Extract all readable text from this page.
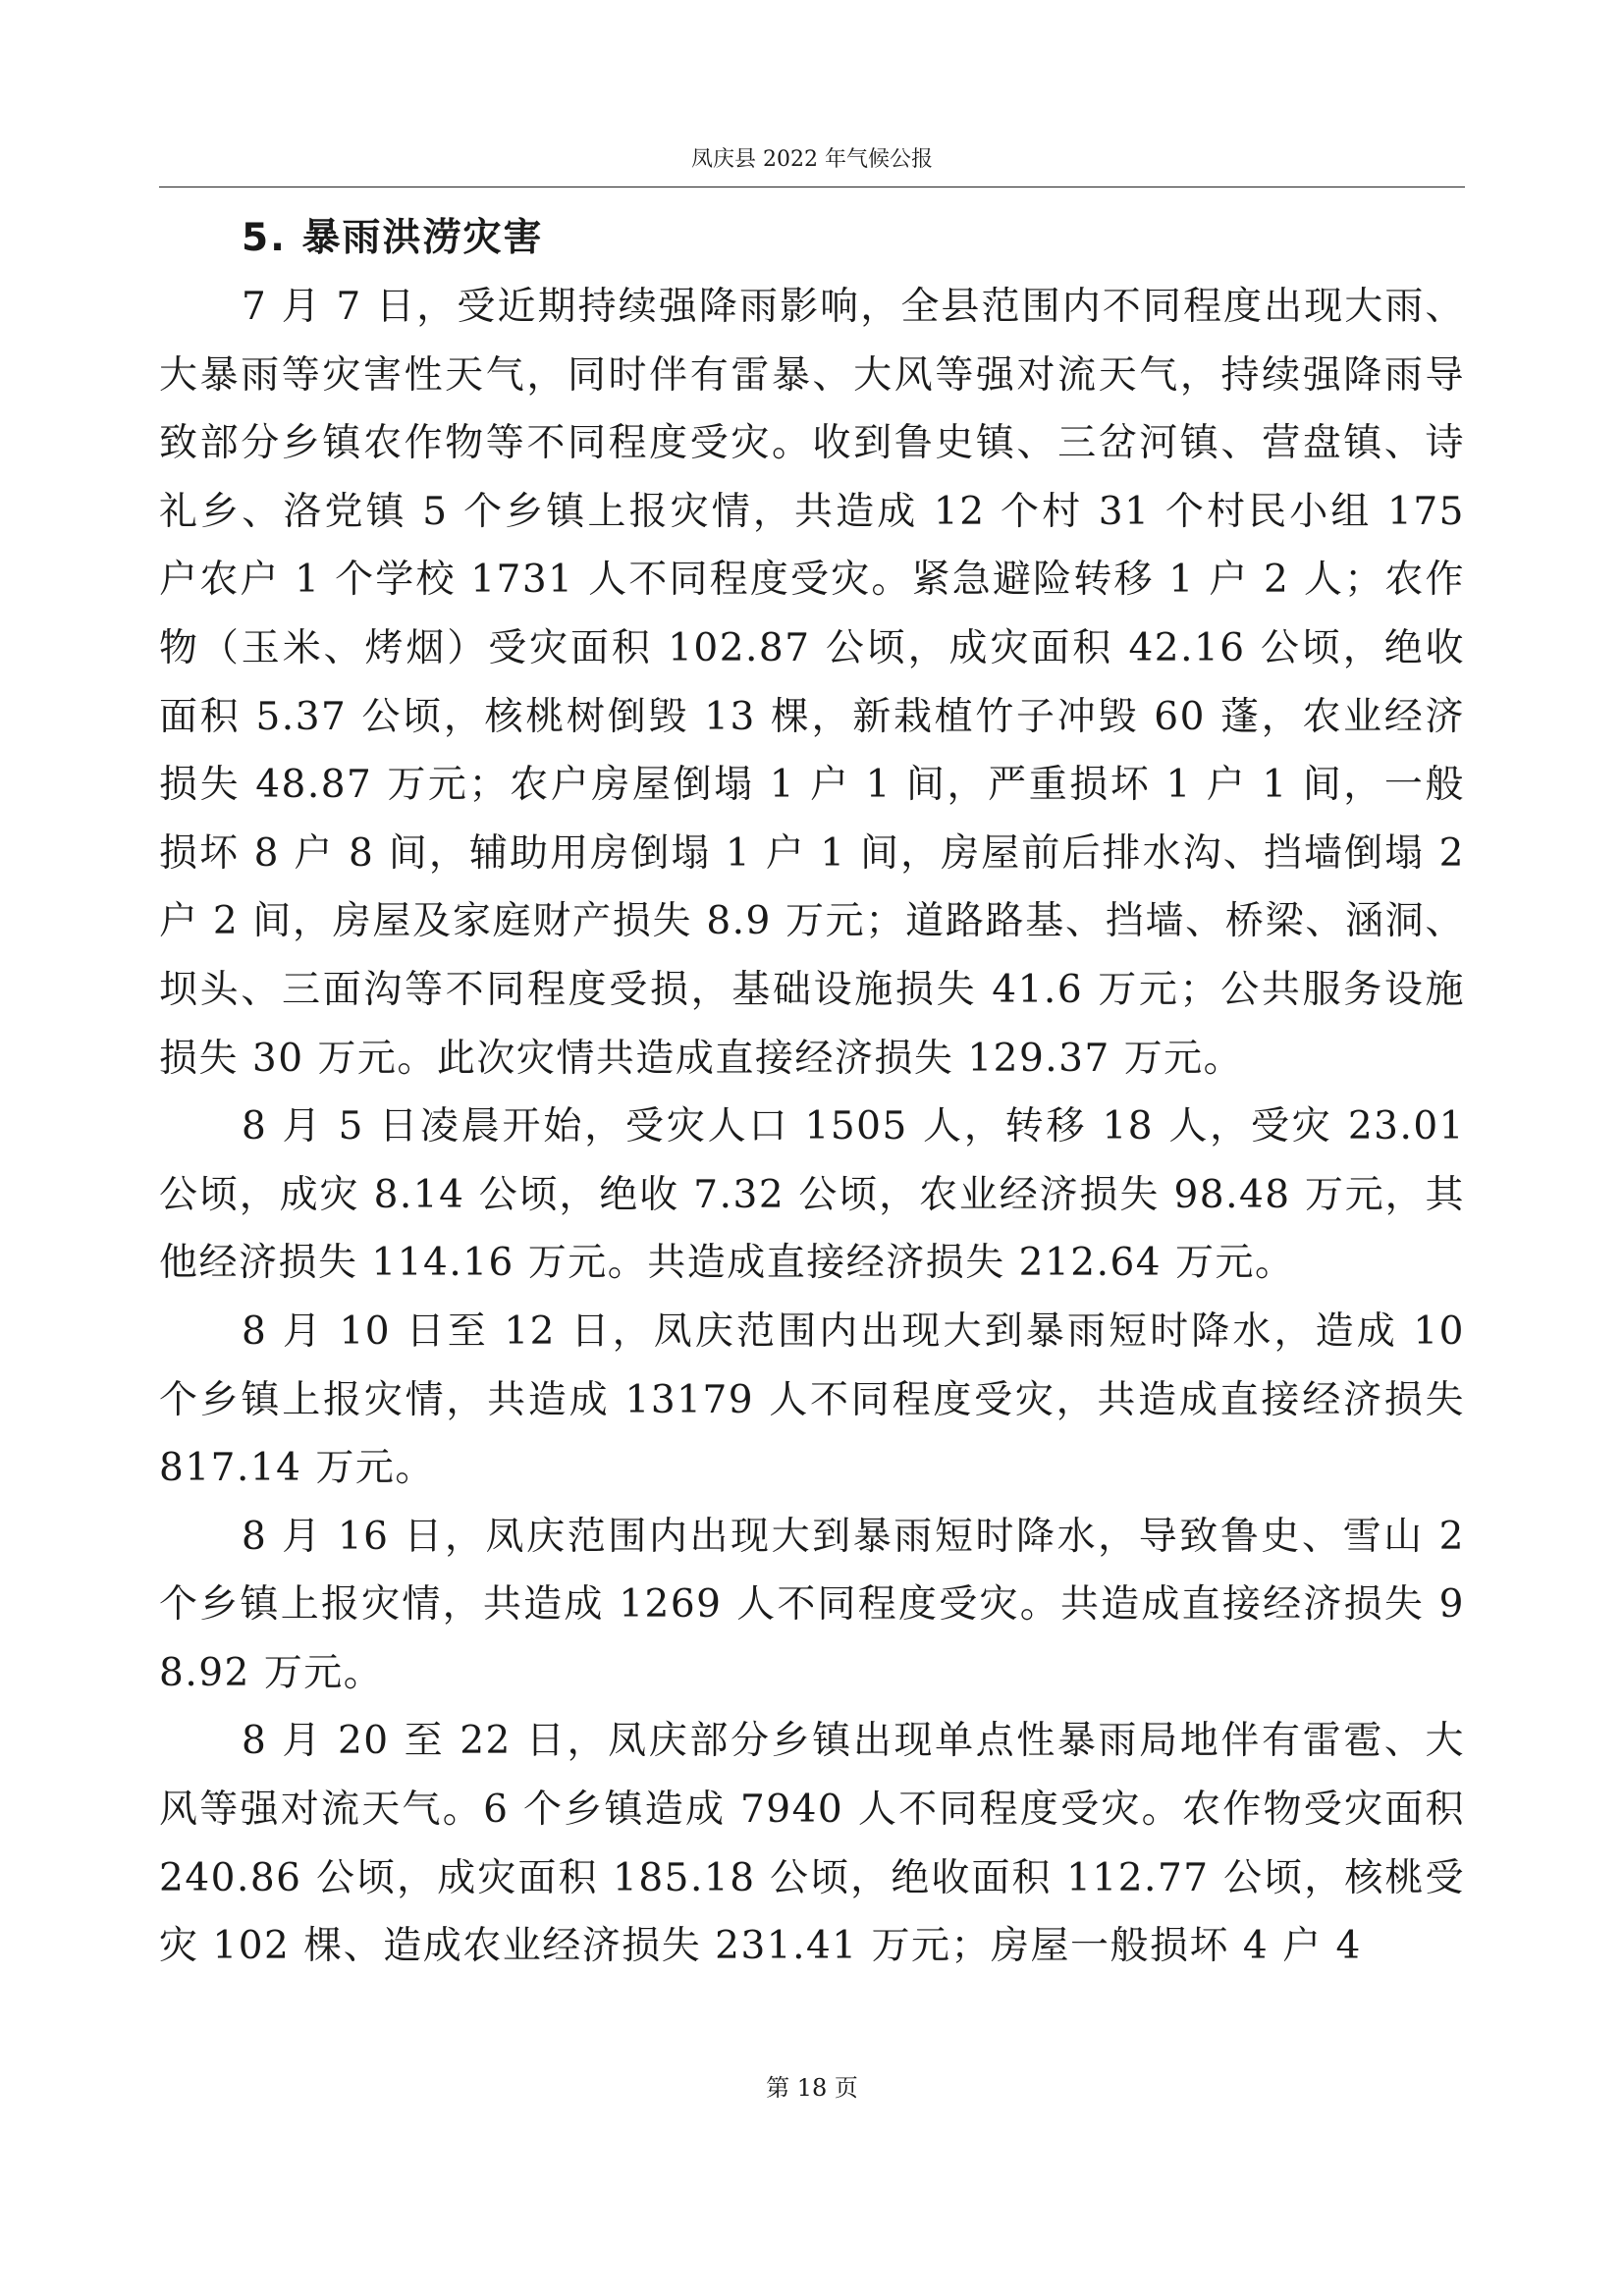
凤庆县 2022 年气候公报
5. 暴雨洪涝灾害

7 月 7 日，受近期持续强降雨影响，全县范围内不同程度出现大雨、大暴雨等灾害性天气，同时伴有雷暴、大风等强对流天气，持续强降雨导致部分乡镇农作物等不同程度受灾。收到鲁史镇、三岔河镇、营盘镇、诗礼乡、洛党镇 5 个乡镇上报灾情，共造成 12 个村 31 个村民小组 175 户农户 1 个学校 1731 人不同程度受灾。紧急避险转移 1 户 2 人；农作物（玉米、烤烟）受灾面积 102.87 公顷，成灾面积 42.16 公顷，绝收面积 5.37 公顷，核桃树倒毁 13 棵，新栽植竹子冲毁 60 蓬，农业经济损失 48.87 万元；农户房屋倒塌 1 户 1 间，严重损坏 1 户 1 间，一般损坏 8 户 8 间，辅助用房倒塌 1 户 1 间，房屋前后排水沟、挡墙倒塌 2 户 2 间，房屋及家庭财产损失 8.9 万元；道路路基、挡墙、桥梁、涵洞、坝头、三面沟等不同程度受损，基础设施损失 41.6 万元；公共服务设施损失 30 万元。此次灾情共造成直接经济损失 129.37 万元。

8 月 5 日凌晨开始，受灾人口 1505 人，转移 18 人，受灾 23.01 公顷，成灾 8.14 公顷，绝收 7.32 公顷，农业经济损失 98.48 万元，其他经济损失 114.16 万元。共造成直接经济损失 212.64 万元。

8 月 10 日至 12 日，凤庆范围内出现大到暴雨短时降水，造成 10 个乡镇上报灾情，共造成 13179 人不同程度受灾，共造成直接经济损失 817.14 万元。

8 月 16 日，凤庆范围内出现大到暴雨短时降水，导致鲁史、雪山 2 个乡镇上报灾情，共造成 1269 人不同程度受灾。共造成直接经济损失 98.92 万元。

8 月 20 至 22 日，凤庆部分乡镇出现单点性暴雨局地伴有雷雹、大风等强对流天气。6 个乡镇造成 7940 人不同程度受灾。农作物受灾面积 240.86 公顷，成灾面积 185.18 公顷，绝收面积 112.77 公顷，核桃受灾 102 棵、造成农业经济损失 231.41 万元；房屋一般损坏 4 户 4

第 18 页
